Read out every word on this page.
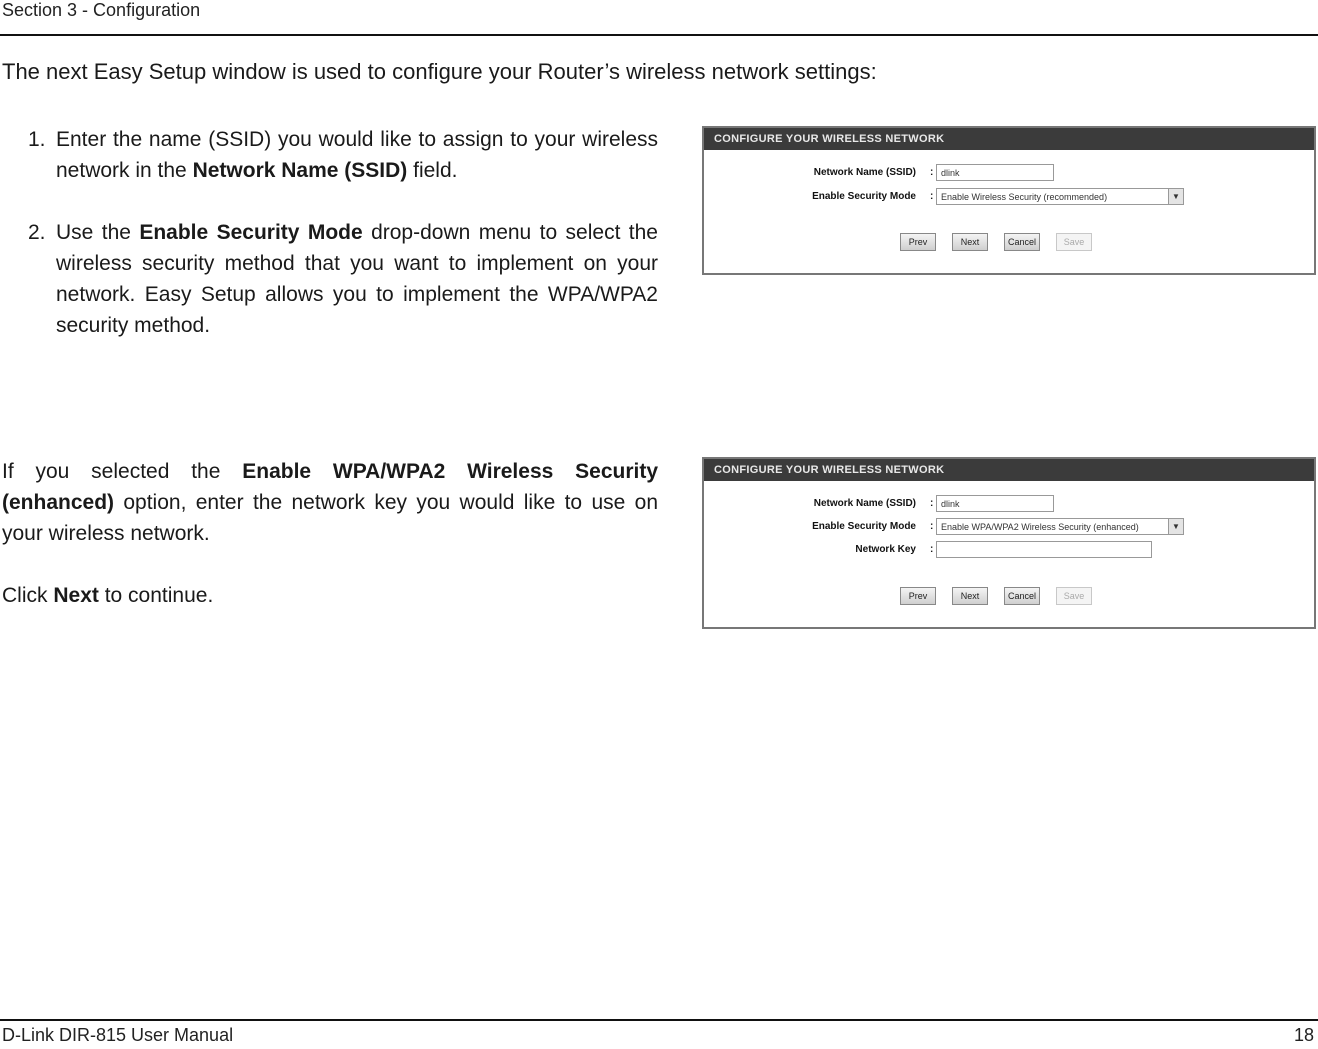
Section 3 - Configuration
The next Easy Setup window is used to configure your Router’s wireless network settings:
1. Enter the name (SSID) you would like to assign to your wireless network in the Network Name (SSID) field.
2. Use the Enable Security Mode drop-down menu to select the wireless security method that you want to implement on your network. Easy Setup allows you to implement the WPA/WPA2 security method.
If you selected the Enable WPA/WPA2 Wireless Security (enhanced) option, enter the network key you would like to use on your wireless network.
Click Next to continue.
CONFIGURE YOUR WIRELESS NETWORK
Network Name (SSID) : dlink
Enable Security Mode : Enable Wireless Security (recommended)	▼
Prev	Next	Cancel	Save
CONFIGURE YOUR WIRELESS NETWORK
Network Name (SSID) : dlink
Enable Security Mode : Enable WPA/WPA2 Wireless Security (enhanced)	▼
Network Key :
Prev	Next	Cancel	Save
D-Link DIR-815 User Manual	18
